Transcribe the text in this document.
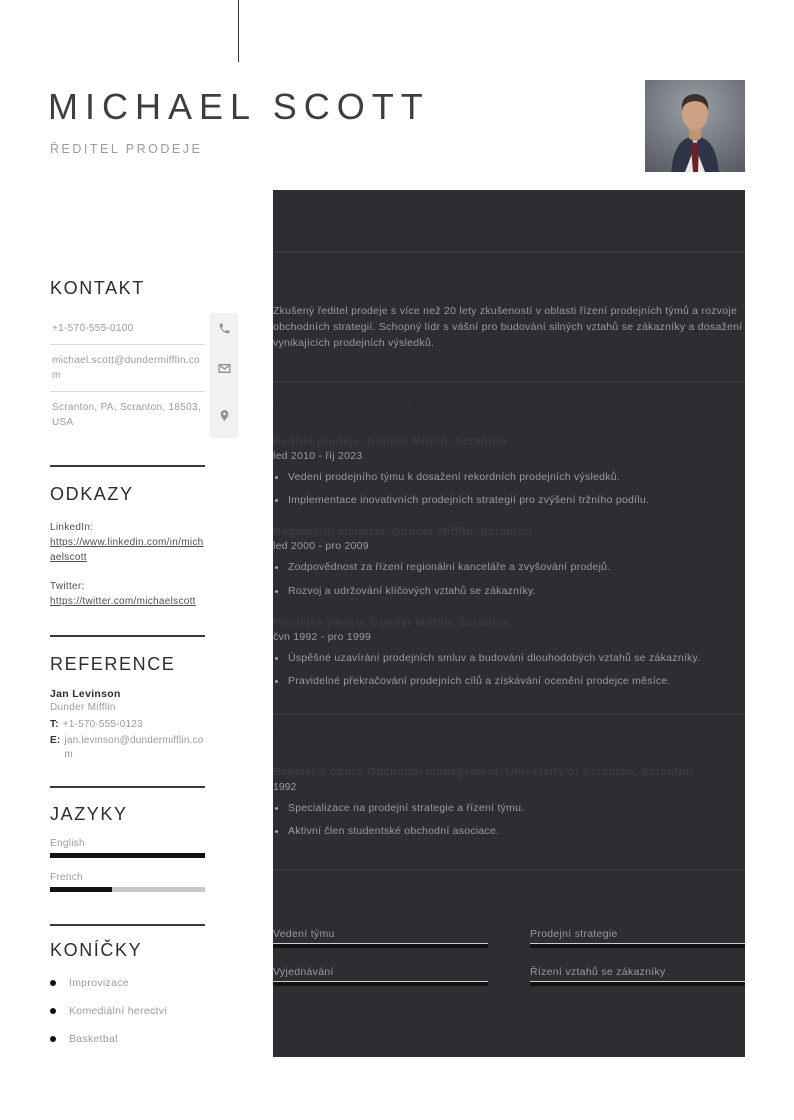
MICHAEL SCOTT
ŘEDITEL PRODEJE
KONTAKT
+1-570-555-0100
michael.scott@dundermifflin.com
Scranton, PA, Scranton, 18503, USA
ODKAZY
LinkedIn:
https://www.linkedin.com/in/michaelscott
Twitter:
https://twitter.com/michaelscott
REFERENCE
Jan Levinson
Dunder Mifflin
T: +1-570-555-0123
E: jan.levinson@dundermifflin.com
JAZYKY
English
French
KONÍČKY
Improvizace
Komediální herectví
Basketbal
O MNĚ

Zkušený ředitel prodeje s více než 20 lety zkušeností v oblasti řízení prodejních týmů a rozvoje obchodních strategií. Schopný lídr s vášní pro budování silných vztahů se zákazníky a dosažení vynikajících prodejních výsledků.

PRACOVNÍ ZKUŠENOSTI
Ředitel prodeje, Dunder Mifflin, Scranton
led 2010 - říj 2023
Vedení prodejního týmu k dosažení rekordních prodejních výsledků.
Implementace inovativních prodejních strategií pro zvýšení tržního podílu.
Regionální manažer, Dunder Mifflin, Scranton
led 2000 - pro 2009
Zodpovědnost za řízení regionální kanceláře a zvyšování prodejů.
Rozvoj a udržování klíčových vztahů se zákazníky.
Prodejce papíru, Dunder Mifflin, Scranton
čvn 1992 - pro 1999
Úspěšné uzavírání prodejních smluv a budování dlouhodobých vztahů se zákazníky.
Pravidelné překračování prodejních cílů a získávání ocenění prodejce měsíce.
VZDĚLÁNÍ
Bakalář v oboru Obchodní management, University of Scranton, Scranton
1992
Specializace na prodejní strategie a řízení týmu.
Aktivní člen studentské obchodní asociace.
DOVEDNOSTI
Vedení týmu	Prodejní strategie
Vyjednávání	Řízení vztahů se zákazníky
